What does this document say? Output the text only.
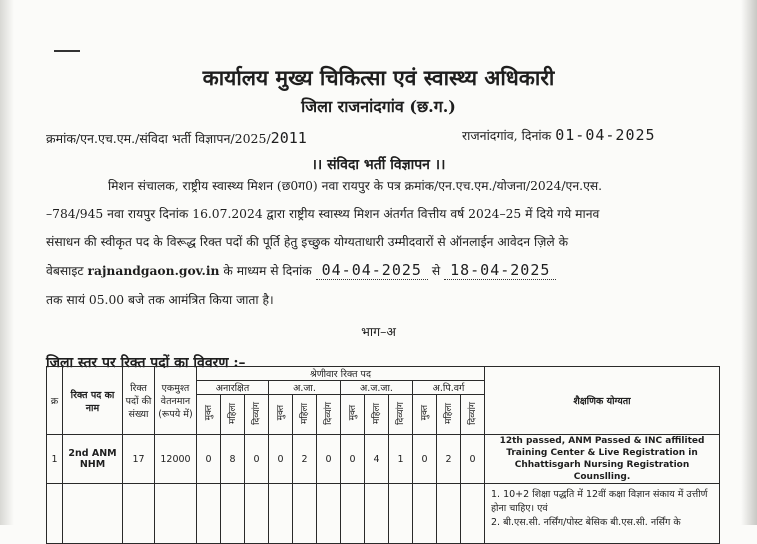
कार्यालय मुख्य चिकित्सा एवं स्वास्थ्य अधिकारी
जिला राजनांदगांव (छ.ग.)
क्रमांक/एन.एच.एम./संविदा भर्ती विज्ञापन/2025/2011	राजनांदगांव, दिनांक 01-04-2025
।। संविदा भर्ती विज्ञापन ।।
मिशन संचालक, राष्ट्रीय स्वास्थ्य मिशन (छ0ग0) नवा रायपुर के पत्र क्रमांक/एन.एच.एम./योजना/2024/एन.एस.
–784/945 नवा रायपुर दिनांक 16.07.2024 द्वारा राष्ट्रीय स्वास्थ्य मिशन अंतर्गत वित्तीय वर्ष 2024–25 में दिये गये मानव
संसाधन की स्वीकृत पद के विरूद्ध रिक्त पदों की पूर्ति हेतु इच्छुक योग्यताधारी उम्मीदवारों से ऑनलाईन आवेदन ज़िले के
वेबसाइट rajnandgaon.gov.in के माध्यम से दिनांक 04-04-2025 से 18-04-2025
तक सायं 05.00 बजे तक आमंत्रित किया जाता है।
भाग–अ
जिला स्तर पर रिक्त पदों का विवरण :–
क्र	रिक्त पद का नाम	रिक्त पदों की संख्या	एकमुश्त वेतनमान (रूपये में)	श्रेणीवार रिक्त पद												शैक्षणिक योग्यता
				अनारक्षित			अ.जा.			अ.ज.जा.			अ.पि.वर्ग			
				मुक्त	महिला	दिव्यांग	मुक्त	महिला	दिव्यांग	मुक्त	महिला	दिव्यांग	मुक्त	महिला	दिव्यांग	
1	2nd ANM NHM	17	12000	0	8	0	0	2	0	0	4	1	0	2	0	12th passed, ANM Passed & INC affilited Training Center & Live Registration in Chhattisgarh Nursing Registration Counslling.

																1. 10+2 शिक्षा पद्धति में 12वीं कक्षा विज्ञान संकाय में उत्तीर्ण होना चाहिए। एवं
2. बी.एस.सी. नर्सिंग/पोस्ट बेसिक बी.एस.सी. नर्सिंग के
